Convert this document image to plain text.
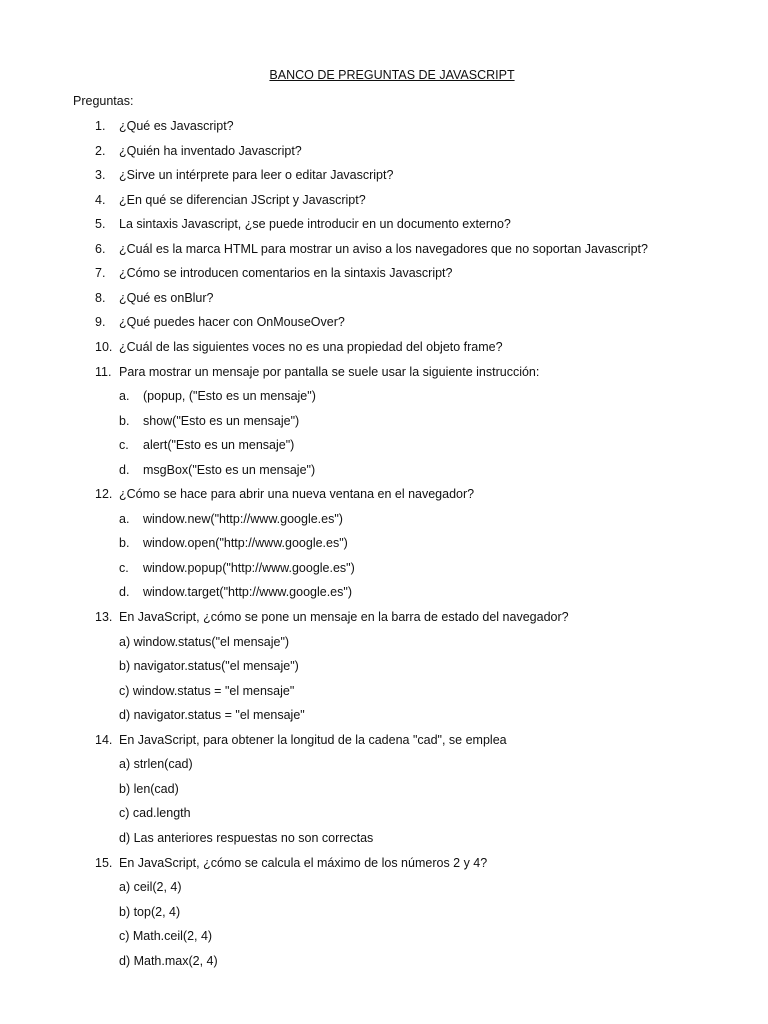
BANCO DE PREGUNTAS DE JAVASCRIPT
Preguntas:
1. ¿Qué es Javascript?
2. ¿Quién ha inventado Javascript?
3. ¿Sirve un intérprete para leer o editar Javascript?
4. ¿En qué se diferencian JScript y Javascript?
5. La sintaxis Javascript, ¿se puede introducir en un documento externo?
6. ¿Cuál es la marca HTML para mostrar un aviso a los navegadores que no soportan Javascript?
7. ¿Cómo se introducen comentarios en la sintaxis Javascript?
8. ¿Qué es onBlur?
9. ¿Qué puedes hacer con OnMouseOver?
10. ¿Cuál de las siguientes voces no es una propiedad del objeto frame?
11. Para mostrar un mensaje por pantalla se suele usar la siguiente instrucción:
a. (popup, ("Esto es un mensaje")
b. show("Esto es un mensaje")
c. alert("Esto es un mensaje")
d. msgBox("Esto es un mensaje")
12. ¿Cómo se hace para abrir una nueva ventana en el navegador?
a. window.new("http://www.google.es")
b. window.open("http://www.google.es")
c. window.popup("http://www.google.es")
d. window.target("http://www.google.es")
13. En JavaScript, ¿cómo se pone un mensaje en la barra de estado del navegador?
a) window.status("el mensaje")
b) navigator.status("el mensaje")
c) window.status = "el mensaje"
d) navigator.status = "el mensaje"
14. En JavaScript, para obtener la longitud de la cadena "cad", se emplea
a) strlen(cad)
b) len(cad)
c) cad.length
d) Las anteriores respuestas no son correctas
15. En JavaScript, ¿cómo se calcula el máximo de los números 2 y 4?
a) ceil(2, 4)
b) top(2, 4)
c) Math.ceil(2, 4)
d) Math.max(2, 4)
